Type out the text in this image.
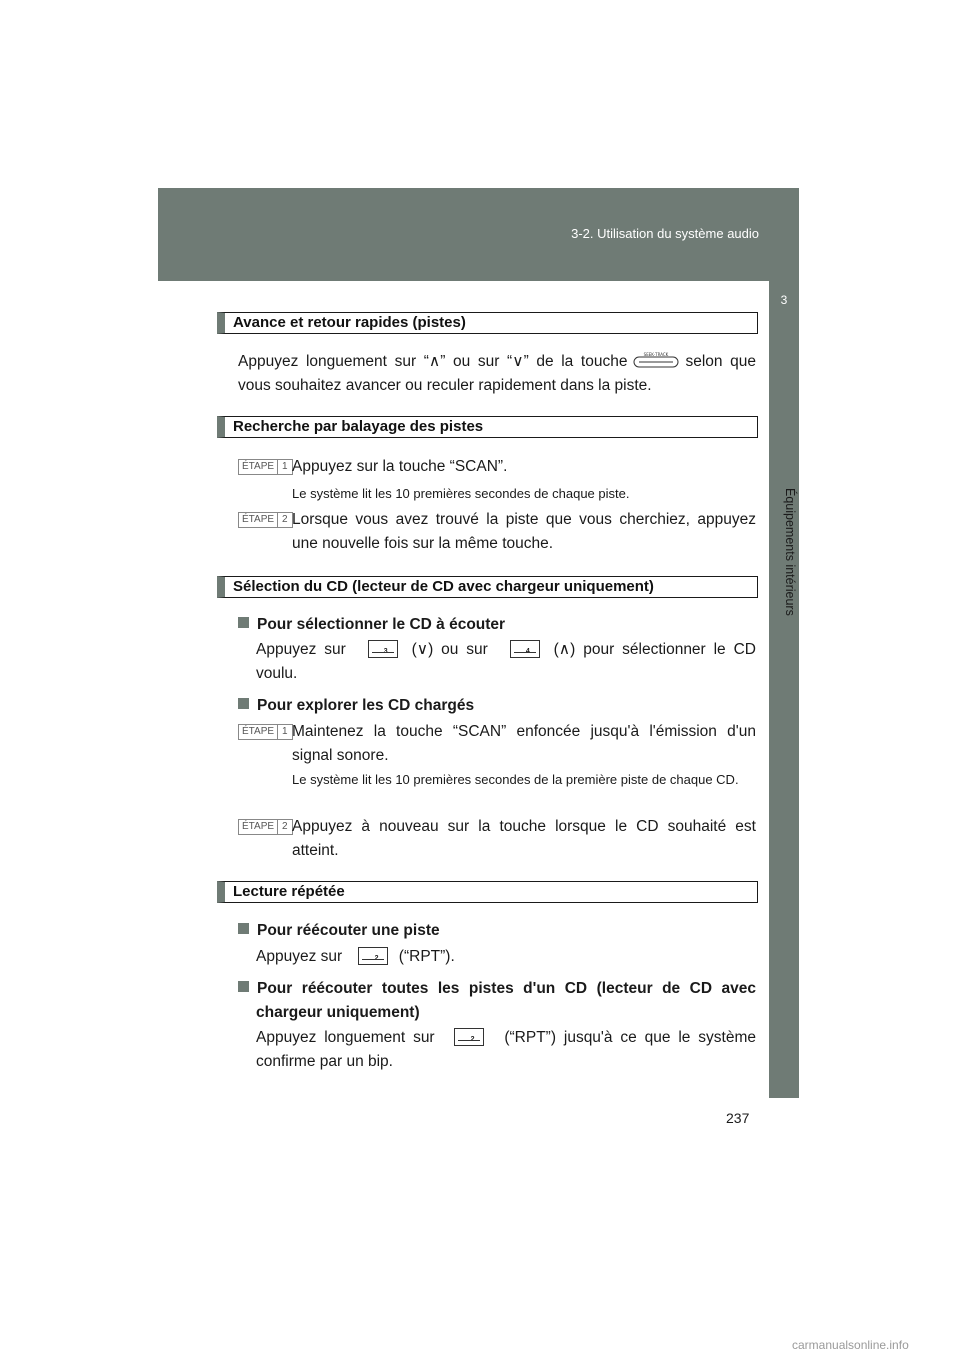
3-2. Utilisation du système audio
3
Équipements intérieurs
Avance et retour rapides (pistes)
Appuyez longuement sur “∧” ou sur “∨” de la touche	SEEK·TRACK selon que vous souhaitez avancer ou reculer rapidement dans la piste.
Recherche par balayage des pistes
ÉTAPE 1 Appuyez sur la touche “SCAN”.
Le système lit les 10 premières secondes de chaque piste.
ÉTAPE 2 Lorsque vous avez trouvé la piste que vous cherchiez, appuyez une nouvelle fois sur la même touche.
Sélection du CD (lecteur de CD avec chargeur uniquement)
Pour sélectionner le CD à écouter
Appuyez sur	3 (∨) ou sur	4 (∧) pour sélectionner le CD voulu.
Pour explorer les CD chargés
ÉTAPE 1 Maintenez la touche “SCAN” enfoncée jusqu'à l'émission d'un signal sonore.
Le système lit les 10 premières secondes de la première piste de chaque CD.
ÉTAPE 2 Appuyez à nouveau sur la touche lorsque le CD souhaité est atteint.
Lecture répétée
Pour réécouter une piste
Appuyez sur	2 (“RPT”).
Pour réécouter toutes les pistes d'un CD (lecteur de CD avec chargeur uniquement)
Appuyez longuement sur	2 (“RPT”) jusqu'à ce que le système confirme par un bip.
237
carmanualsonline.info
